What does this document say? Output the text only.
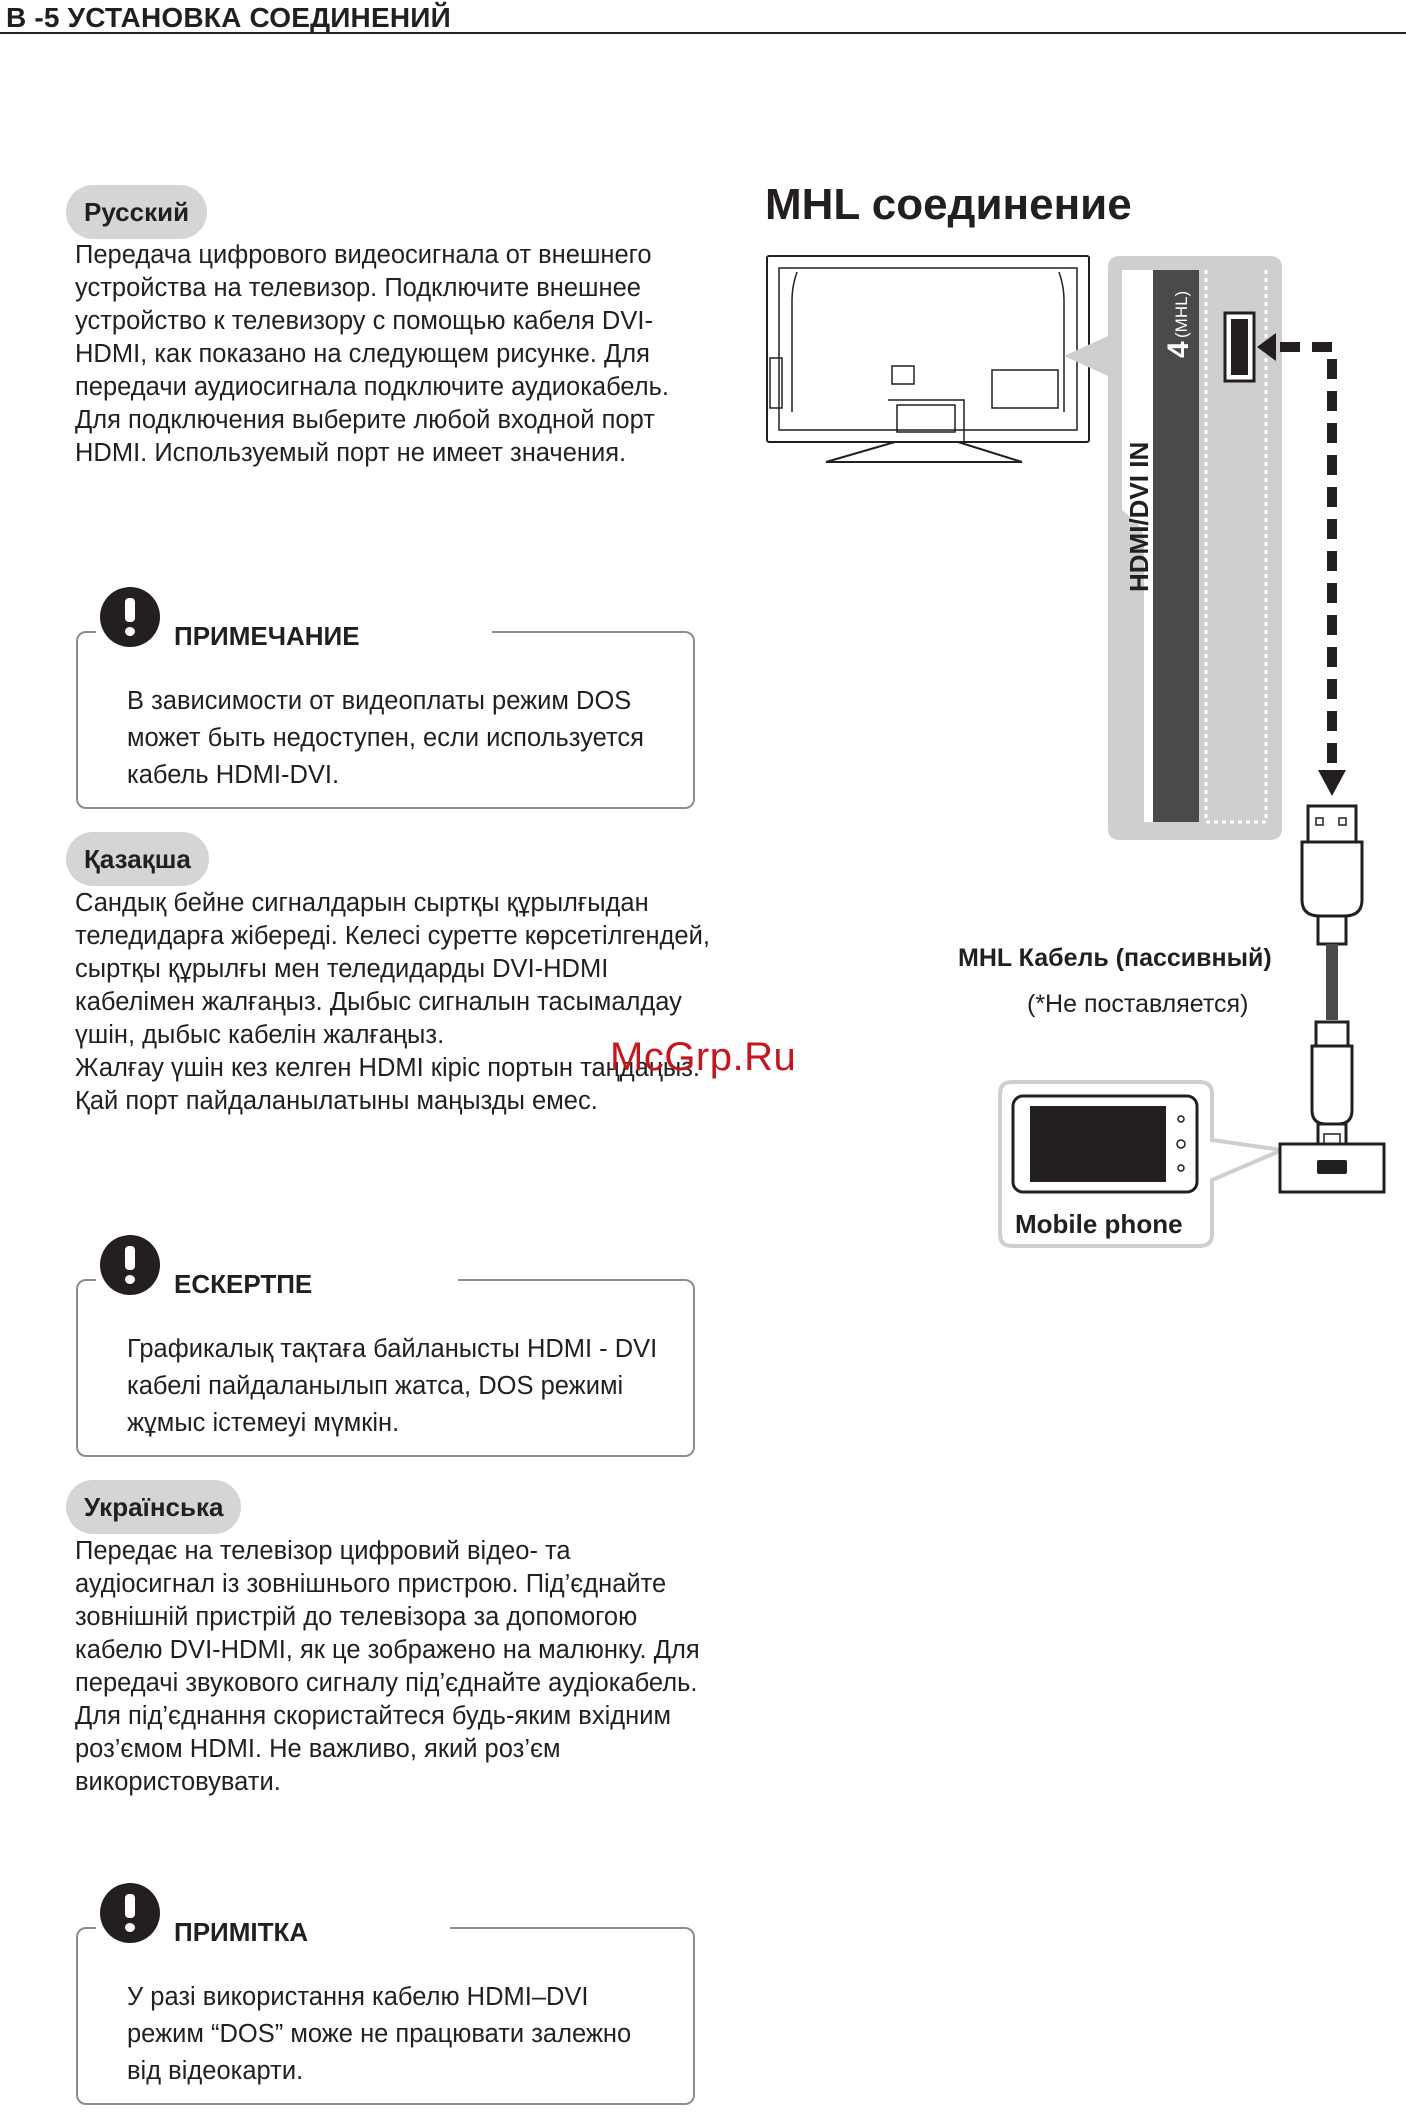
В -5 УСТАНОВКА СОЕДИНЕНИЙ
Русский

Передача цифрового видеосигнала от внешнего устройства на телевизор. Подключите внешнее устройство к телевизору с помощью кабеля DVI-HDMI, как показано на следующем рисунке. Для передачи аудиосигнала подключите аудиокабель.

Для подключения выберите любой входной порт HDMI. Используемый порт не имеет значения.

ПРИМЕЧАНИЕ

В зависимости от видеоплаты режим DOS может быть недоступен, если используется кабель HDMI-DVI.

Қазақша

Сандық бейне сигналдарын сыртқы құрылғыдан теледидарға жібереді. Келесі суретте көрсетілгендей, сыртқы құрылғы мен теледидарды DVI-HDMI кабелімен жалғаңыз. Дыбыс сигналын тасымалдау үшін, дыбыс кабелін жалғаңыз.

Жалғау үшін кез келген HDMI кіріс портын таңдаңыз. Қай порт пайдаланылатыны маңызды емес.

ЕСКЕРТПЕ

Графикалық тақтаға байланысты HDMI - DVI кабелі пайдаланылып жатса, DOS режимі жұмыс істемеуі мүмкін.

Українська

Передає на телевізор цифровий відео- та аудіосигнал із зовнішнього пристрою. Під’єднайте зовнішній пристрій до телевізора за допомогою кабелю DVI-HDMI, як це зображено на малюнку. Для передачі звукового сигналу під’єднайте аудіокабель.

Для під’єднання скористайтеся будь-яким вхідним роз’ємом HDMI. Не важливо, який роз’єм використовувати.

ПРИМІТКА

У разі використання кабелю HDMI–DVI режим “DOS” може не працювати залежно від відеокарти.

MHL соединение
4
(MHL)
HDMI/DVI IN
MHL Кабель (пассивный)
(*Не поставляется)
Mobile phone
McGrp.Ru
